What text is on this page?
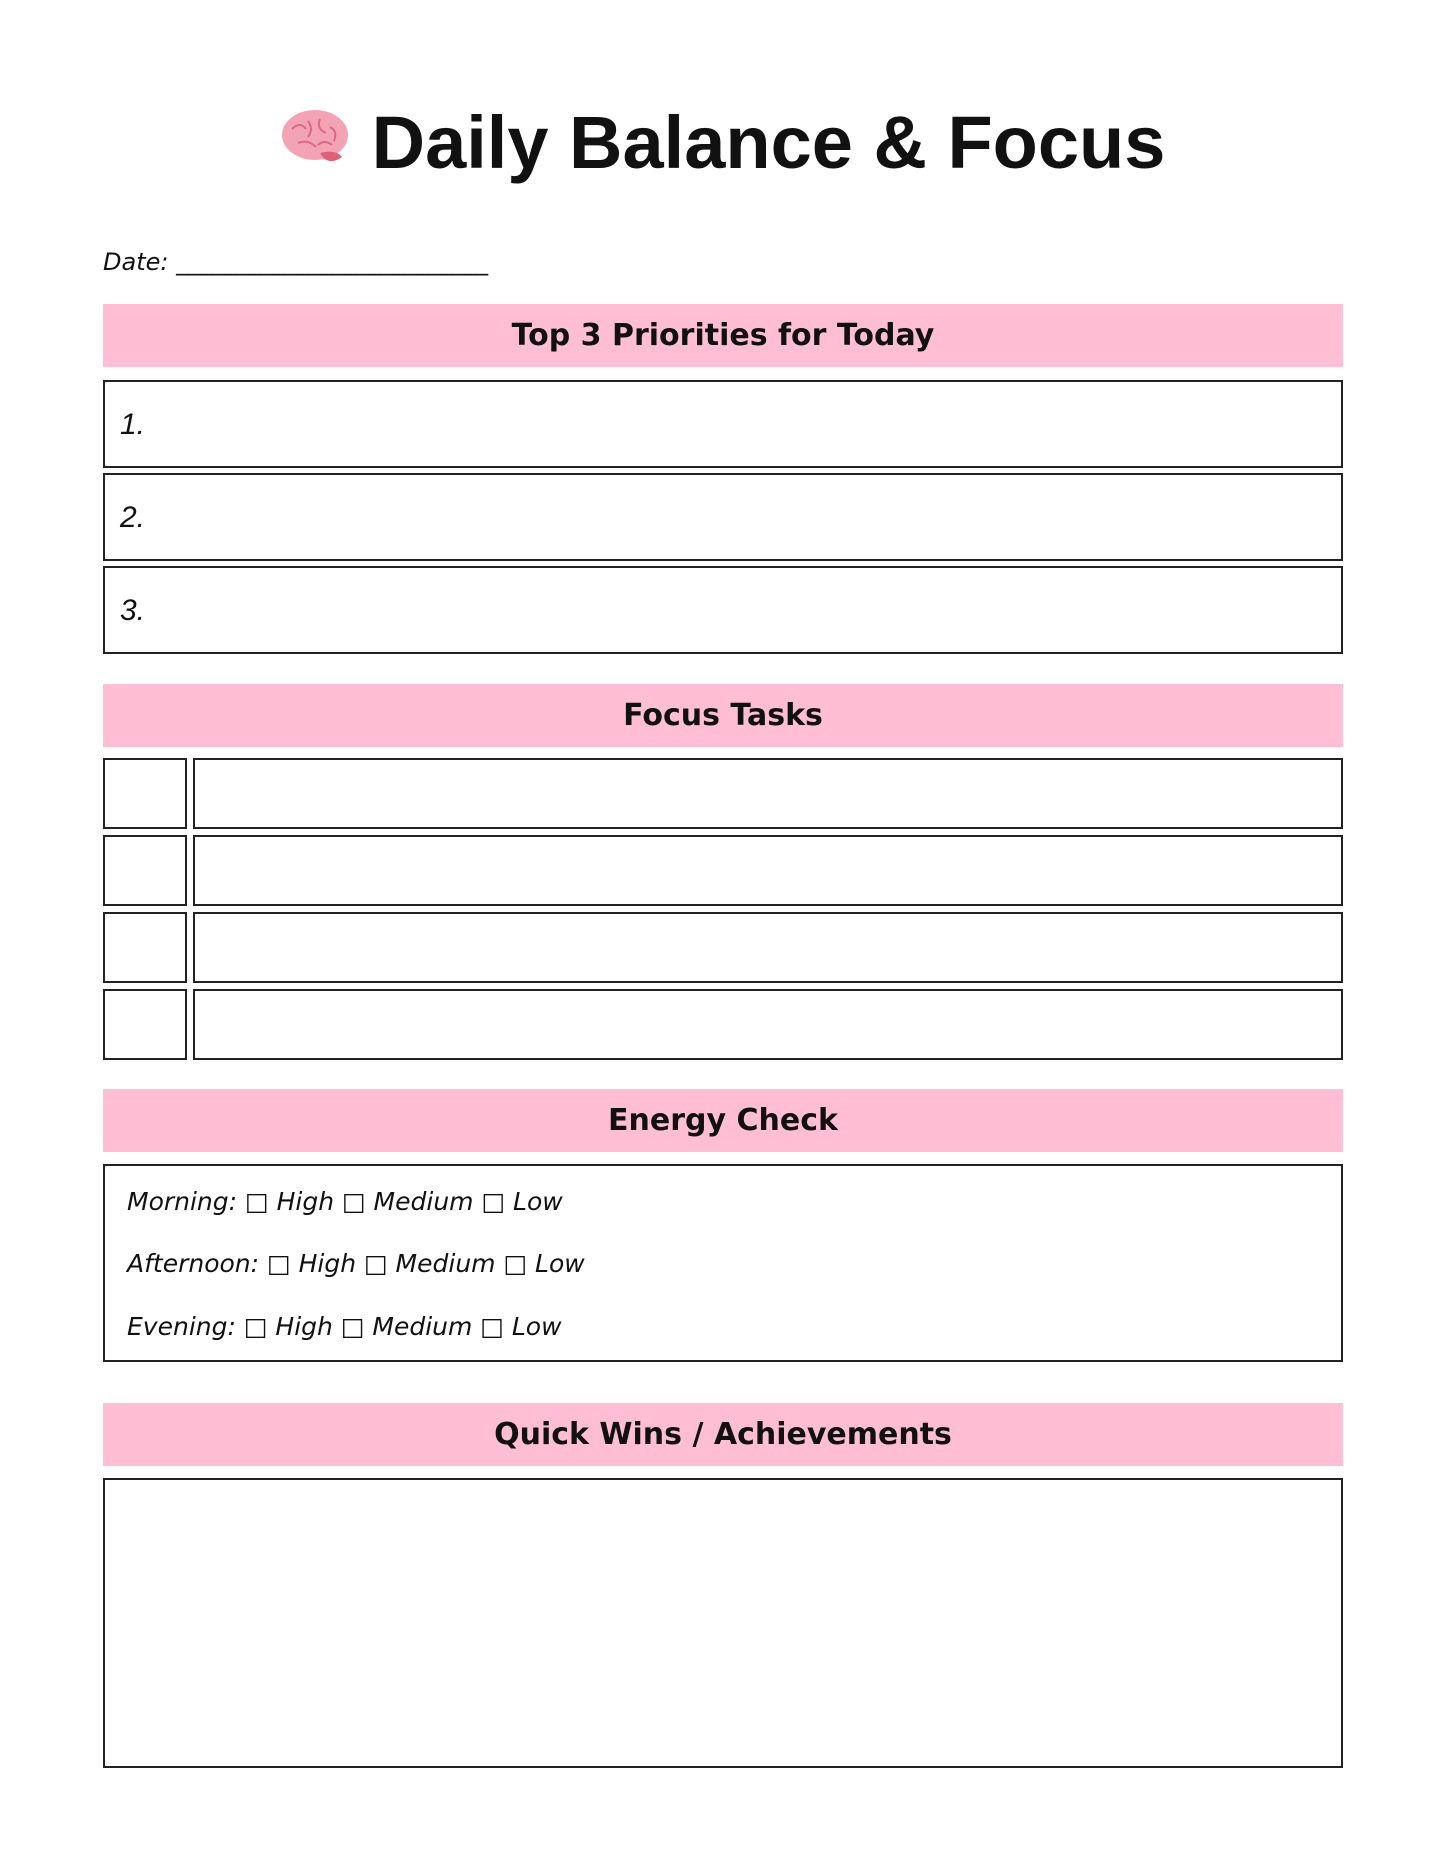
Daily Balance & Focus
Date: __________________________
Top 3 Priorities for Today
1.
2.
3.
Focus Tasks
Energy Check
Morning: □ High □ Medium □ Low
Afternoon: □ High □ Medium □ Low
Evening: □ High □ Medium □ Low
Quick Wins / Achievements
